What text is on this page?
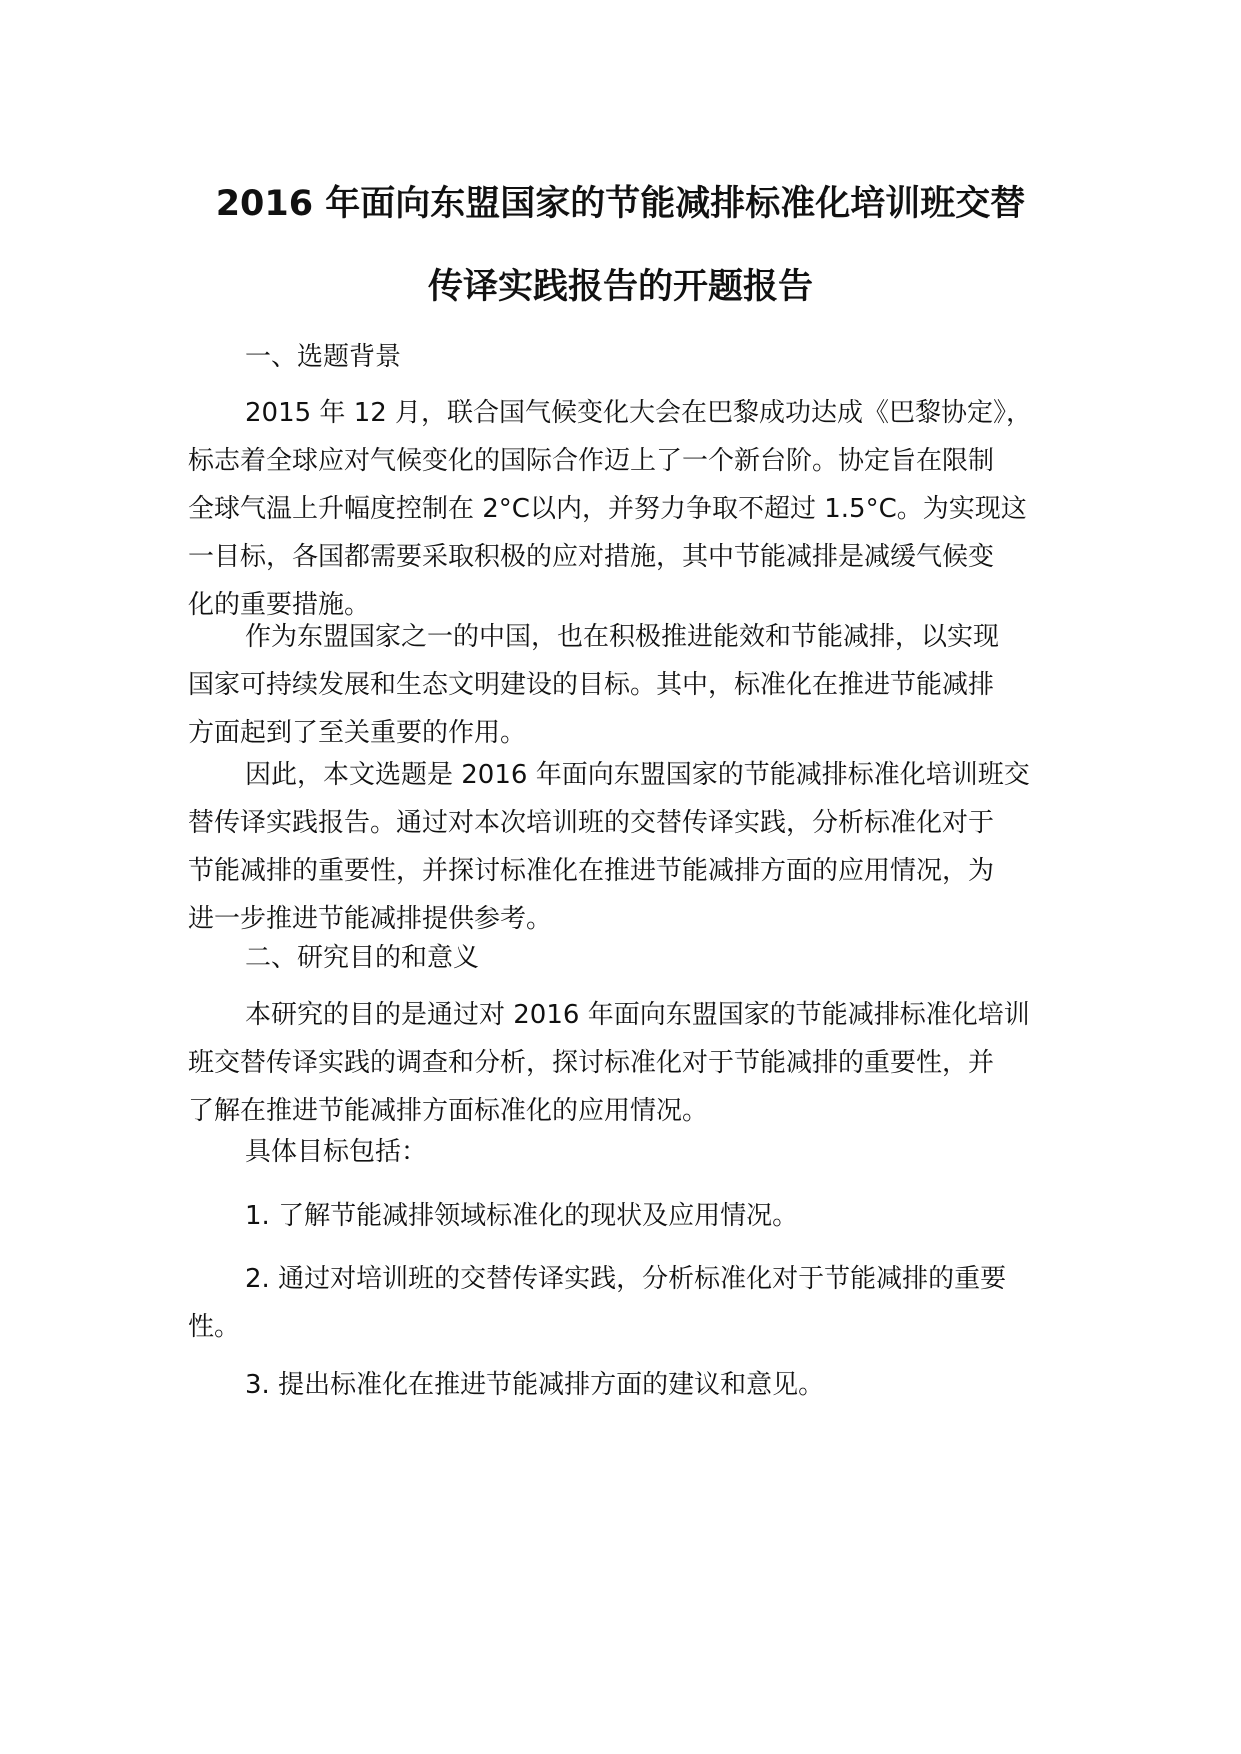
2016 年面向东盟国家的节能减排标准化培训班交替
传译实践报告的开题报告

一、选题背景

2015 年 12 月，联合国气候变化大会在巴黎成功达成《巴黎协定》，
标志着全球应对气候变化的国际合作迈上了一个新台阶。协定旨在限制
全球气温上升幅度控制在 2°C以内，并努力争取不超过 1.5°C。为实现这
一目标，各国都需要采取积极的应对措施，其中节能减排是减缓气候变
化的重要措施。

作为东盟国家之一的中国，也在积极推进能效和节能减排，以实现
国家可持续发展和生态文明建设的目标。其中，标准化在推进节能减排
方面起到了至关重要的作用。

因此，本文选题是 2016 年面向东盟国家的节能减排标准化培训班交
替传译实践报告。通过对本次培训班的交替传译实践，分析标准化对于
节能减排的重要性，并探讨标准化在推进节能减排方面的应用情况，为
进一步推进节能减排提供参考。

二、研究目的和意义

本研究的目的是通过对 2016 年面向东盟国家的节能减排标准化培训
班交替传译实践的调查和分析，探讨标准化对于节能减排的重要性，并
了解在推进节能减排方面标准化的应用情况。

具体目标包括：

1. 了解节能减排领域标准化的现状及应用情况。

2. 通过对培训班的交替传译实践，分析标准化对于节能减排的重要
性。

3. 提出标准化在推进节能减排方面的建议和意见。
